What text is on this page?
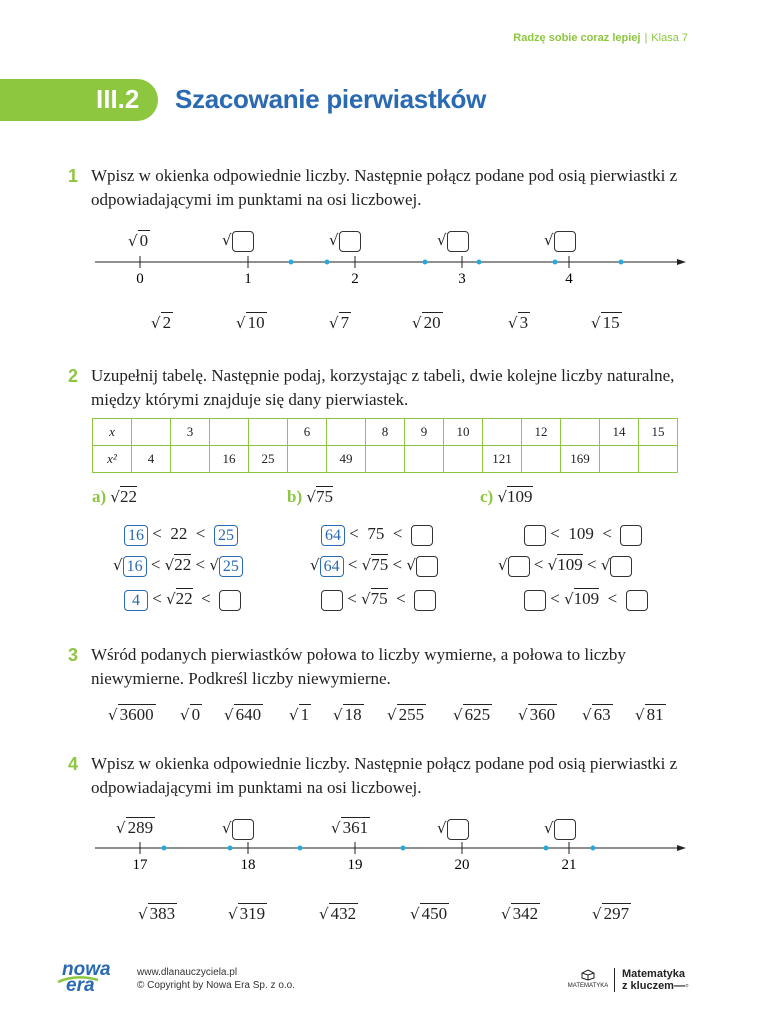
Radzę sobie coraz lepiej | Klasa 7
III.2 Szacowanie pierwiastków
1 Wpisz w okienka odpowiednie liczby. Następnie połącz podane pod osią pierwiastki z odpowiadającymi im punktami na osi liczbowej.
0	1	2	3	4
√ 0	√	√	√	√
√ 2	√ 10	√ 7	√ 20	√ 3	√ 15
2 Uzupełnij tabelę. Następnie podaj, korzystając z tabeli, dwie kolejne liczby naturalne, między którymi znajduje się dany pierwiastek.
x		3			6		8	9	10		12		14	15
x²	4		16	25		49				121		169		
a) √22	b) √75	c) √109
16 < 22 < 25
√ 16 < √22 < √ 25
4 < √22 <
64 < 75 <
√ 64 < √75 < √
< √75 <
< 109 <
√ < √109 < √
< √109 <
3 Wśród podanych pierwiastków połowa to liczby wymierne, a połowa to liczby niewymierne. Podkreśl liczby niewymierne.
√ 3600 √ 0 √ 640 √ 1 √ 18 √ 255 √ 625 √ 360 √ 63 √ 81
4 Wpisz w okienka odpowiednie liczby. Następnie połącz podane pod osią pierwiastki z odpowiadającymi im punktami na osi liczbowej.
17	18	19	20	21
√ 289	√	√ 361	√	√
√ 383	√ 319	√ 432	√ 450	√ 342	√ 297
nowa
era
www.dlanauczyciela.pl
© Copyright by Nowa Era Sp. z o.o.	MATEMATYKA
Matematyka
z kluczem—◦
